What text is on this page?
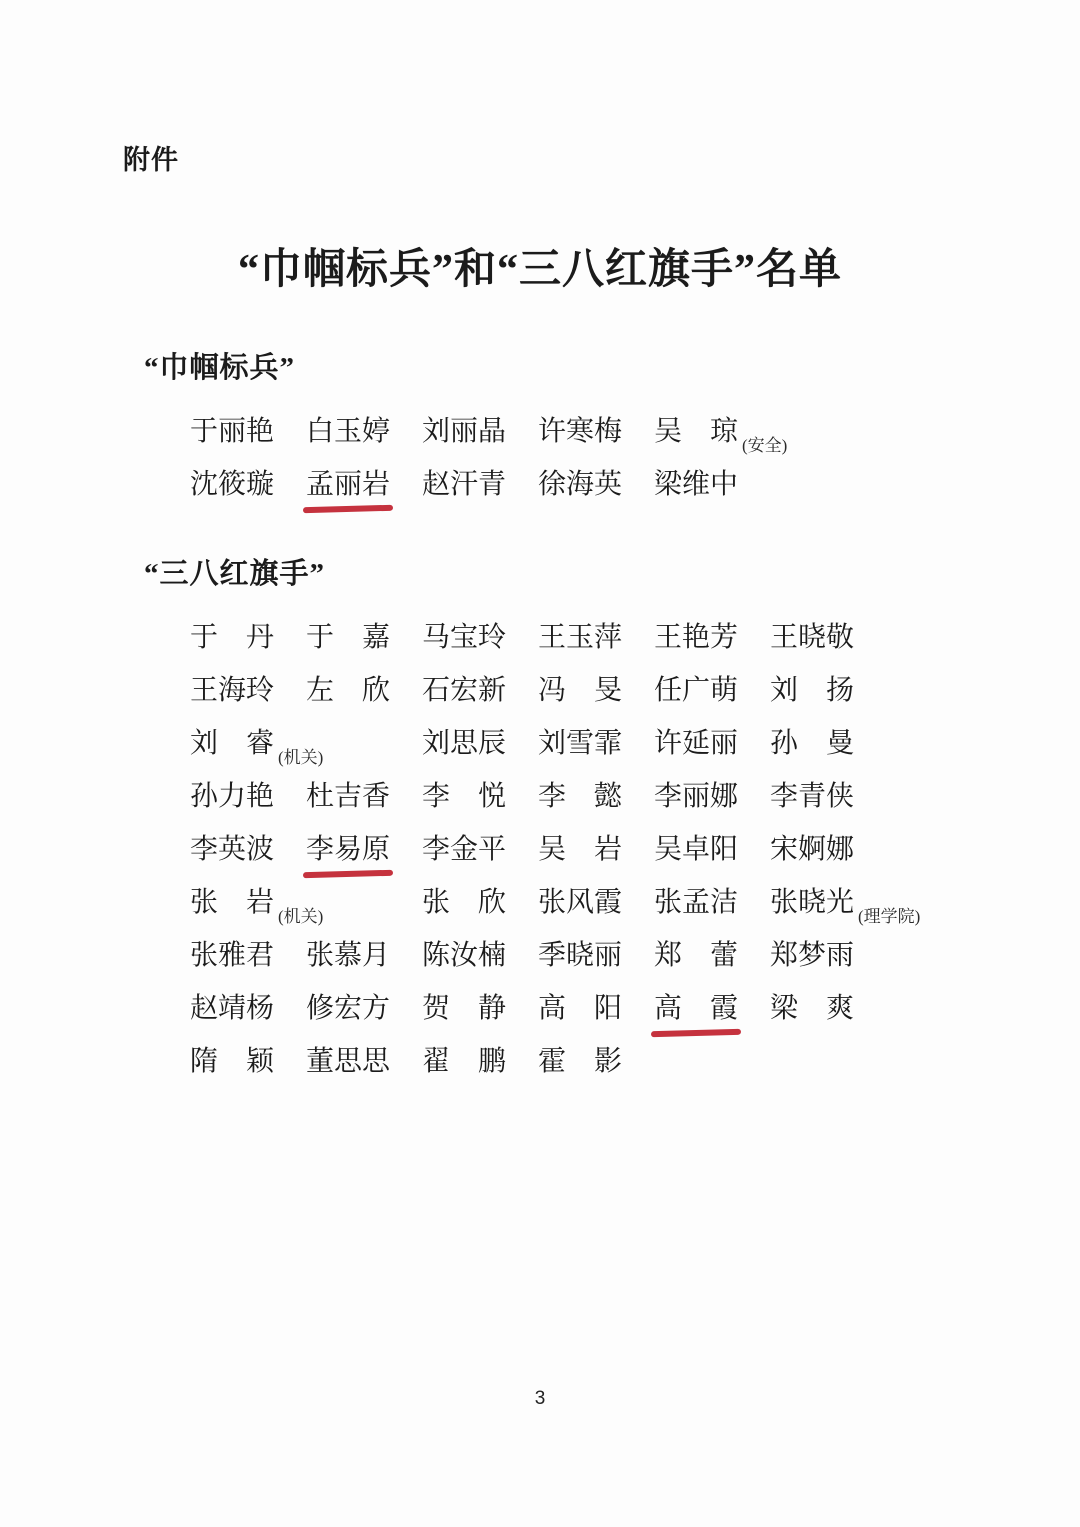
附件
“巾帼标兵”和“三八红旗手”名单
“巾帼标兵”
于丽艳 白玉婷 刘丽晶 许寒梅 吴琼 (安全)
沈筱璇 孟丽岩 赵汗青 徐海英 梁维中
“三八红旗手”
于丹 于嘉 马宝玲 王玉萍 王艳芳 王晓敬
王海玲 左欣 石宏新 冯旻 任广萌 刘扬
刘睿 (机关)	刘思辰 刘雪霏 许延丽 孙曼
孙力艳 杜吉香 李悦 李懿 李丽娜 李青侠
李英波 李易原 李金平 吴岩 吴卓阳 宋婀娜
张岩 (机关)	张欣 张风霞 张孟洁 张晓光 (理学院)
张雅君 张慕月 陈汝楠 季晓丽 郑蕾 郑梦雨
赵靖杨 修宏方 贺静 高阳 高霞 梁爽
隋颖 董思思 翟鹏 霍影
3
